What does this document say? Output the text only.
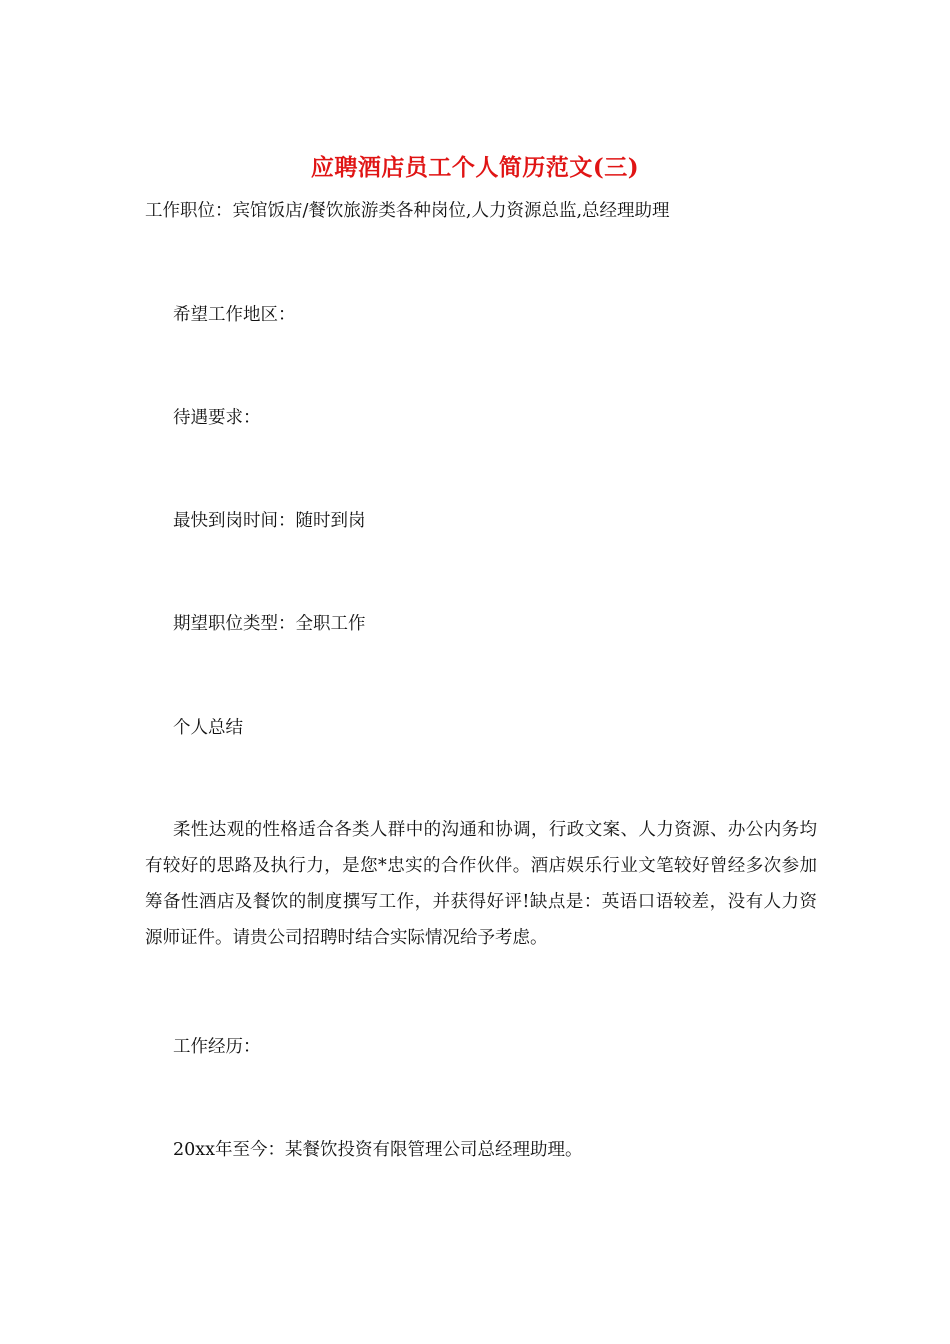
应聘酒店员工个人简历范文(三)
工作职位：宾馆饭店/餐饮旅游类各种岗位,人力资源总监,总经理助理
希望工作地区：
待遇要求：
最快到岗时间：随时到岗
期望职位类型：全职工作
个人总结

柔性达观的性格适合各类人群中的沟通和协调，行政文案、人力资源、办公内务均有较好的思路及执行力，是您*忠实的合作伙伴。酒店娱乐行业文笔较好曾经多次参加筹备性酒店及餐饮的制度撰写工作，并获得好评!缺点是：英语口语较差，没有人力资源师证件。请贵公司招聘时结合实际情况给予考虑。

工作经历：
20xx年至今：某餐饮投资有限管理公司总经理助理。
